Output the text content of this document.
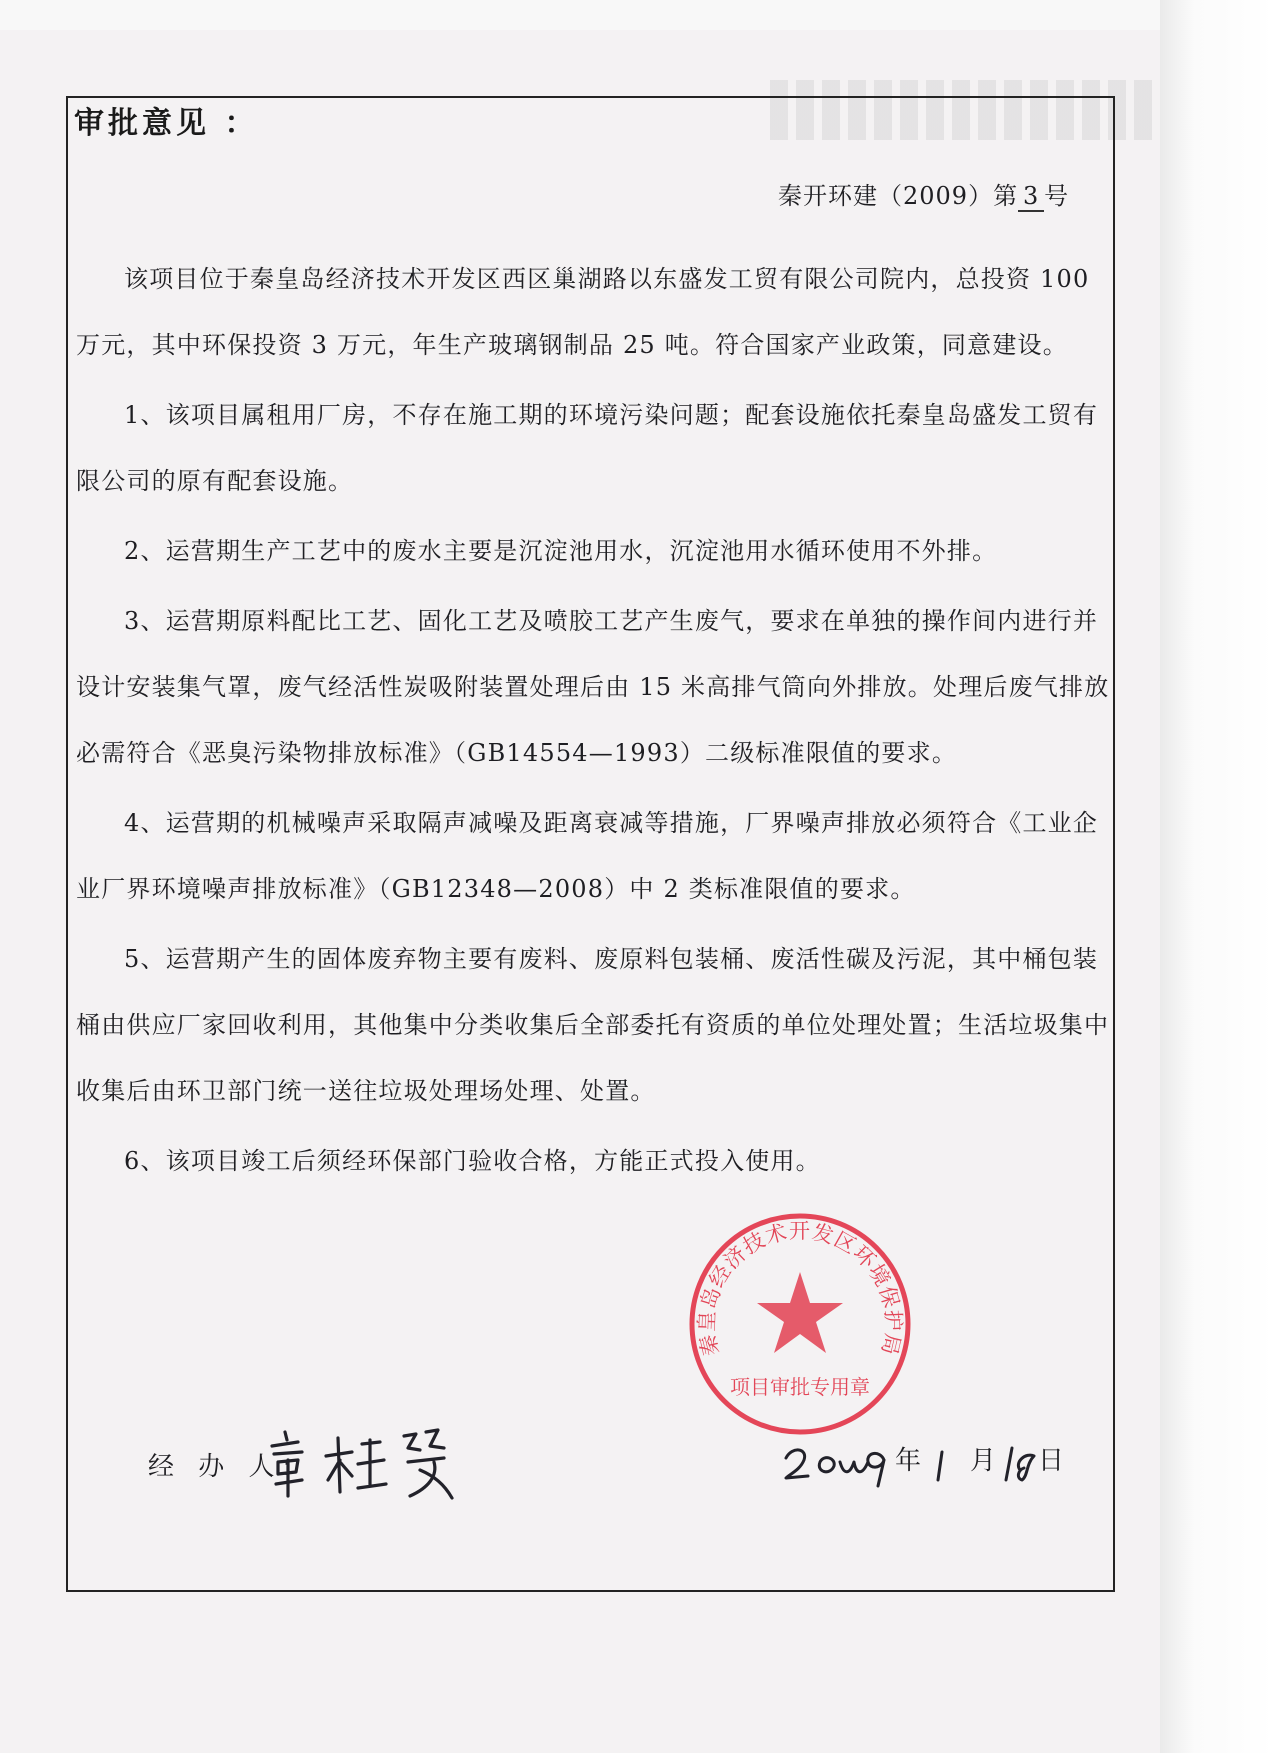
审批意见 ：
秦开环建（2009）第 3 号

该项目位于秦皇岛经济技术开发区西区巢湖路以东盛发工贸有限公司院内，总投资 100 万元，其中环保投资 3 万元，年生产玻璃钢制品 25 吨。符合国家产业政策，同意建设。

1、该项目属租用厂房，不存在施工期的环境污染问题；配套设施依托秦皇岛盛发工贸有限公司的原有配套设施。

2、运营期生产工艺中的废水主要是沉淀池用水，沉淀池用水循环使用不外排。

3、运营期原料配比工艺、固化工艺及喷胶工艺产生废气，要求在单独的操作间内进行并设计安装集气罩，废气经活性炭吸附装置处理后由 15 米高排气筒向外排放。处理后废气排放必需符合《恶臭污染物排放标准》（GB14554—1993）二级标准限值的要求。

4、运营期的机械噪声采取隔声减噪及距离衰减等措施，厂界噪声排放必须符合《工业企业厂界环境噪声排放标准》（GB12348—2008）中 2 类标准限值的要求。

5、运营期产生的固体废弃物主要有废料、废原料包装桶、废活性碳及污泥，其中桶包装桶由供应厂家回收利用，其他集中分类收集后全部委托有资质的单位处理处置；生活垃圾集中收集后由环卫部门统一送往垃圾处理场处理、处置。

6、该项目竣工后须经环保部门验收合格，方能正式投入使用。

秦皇岛经济技术开发区环境保护局
项目审批专用章
经 办 人:	年 月 日
